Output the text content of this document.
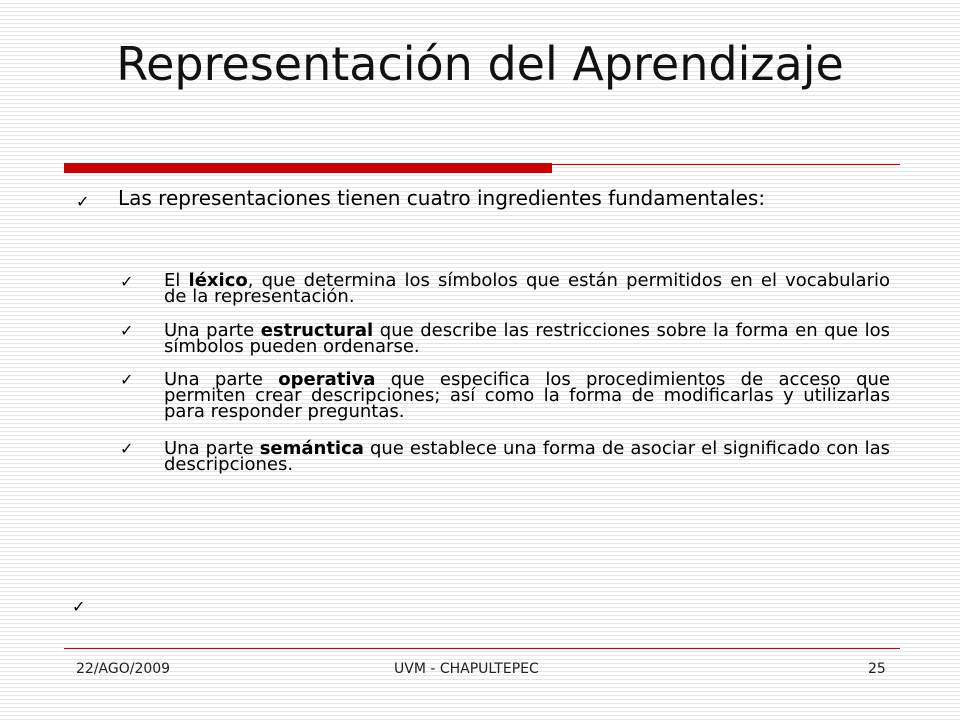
Representación del Aprendizaje
✓ Las representaciones tienen cuatro ingredientes fundamentales:
✓ El léxico, que determina los símbolos que están permitidos en el vocabulario de la representación.
✓ Una parte estructural que describe las restricciones sobre la forma en que los símbolos pueden ordenarse.
✓ Una parte operativa que especifica los procedimientos de acceso que permiten crear descripciones; así como la forma de modificarlas y utilizarlas para responder preguntas.
✓ Una parte semántica que establece una forma de asociar el significado con las descripciones.
✓
22/AGO/2009	UVM - CHAPULTEPEC	25
